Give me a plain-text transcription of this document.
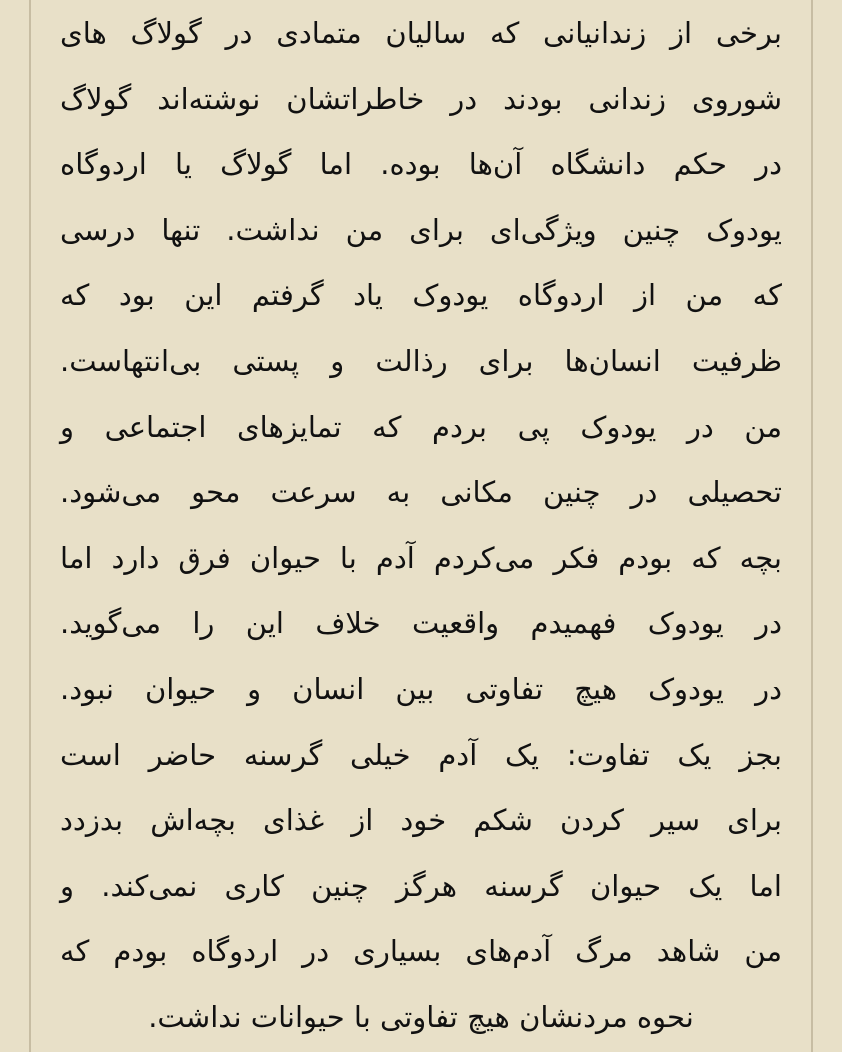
برخی از زندانیانی که سالیان متمادی در گولاگ های
شوروی زندانی بودند در خاطراتشان نوشته‌اند گولاگ
در حکم دانشگاه آن‌ها بوده. اما گولاگ یا اردوگاه
یودوک چنین ویژگی‌ای برای من نداشت. تنها درسی
که من از اردوگاه یودوک یاد گرفتم این بود که
ظرفیت انسان‌ها برای رذالت و پستی بی‌انتهاست.
من در یودوک پی بردم که تمایزهای اجتماعی و
تحصیلی در چنین مکانی به سرعت محو می‌شود.
بچه که بودم فکر می‌کردم آدم با حیوان فرق دارد اما
در یودوک فهمیدم واقعیت خلاف این را می‌گوید.
در یودوک هیچ تفاوتی بین انسان و حیوان نبود.
بجز یک تفاوت: یک آدم خیلی گرسنه حاضر است
برای سیر کردن شکم خود از غذای بچه‌اش بدزدد
اما یک حیوان گرسنه هرگز چنین کاری نمی‌کند. و
من شاهد مرگ آدم‌های بسیاری در اردوگاه بودم که
نحوه مردنشان هیچ تفاوتی با حیوانات نداشت.
